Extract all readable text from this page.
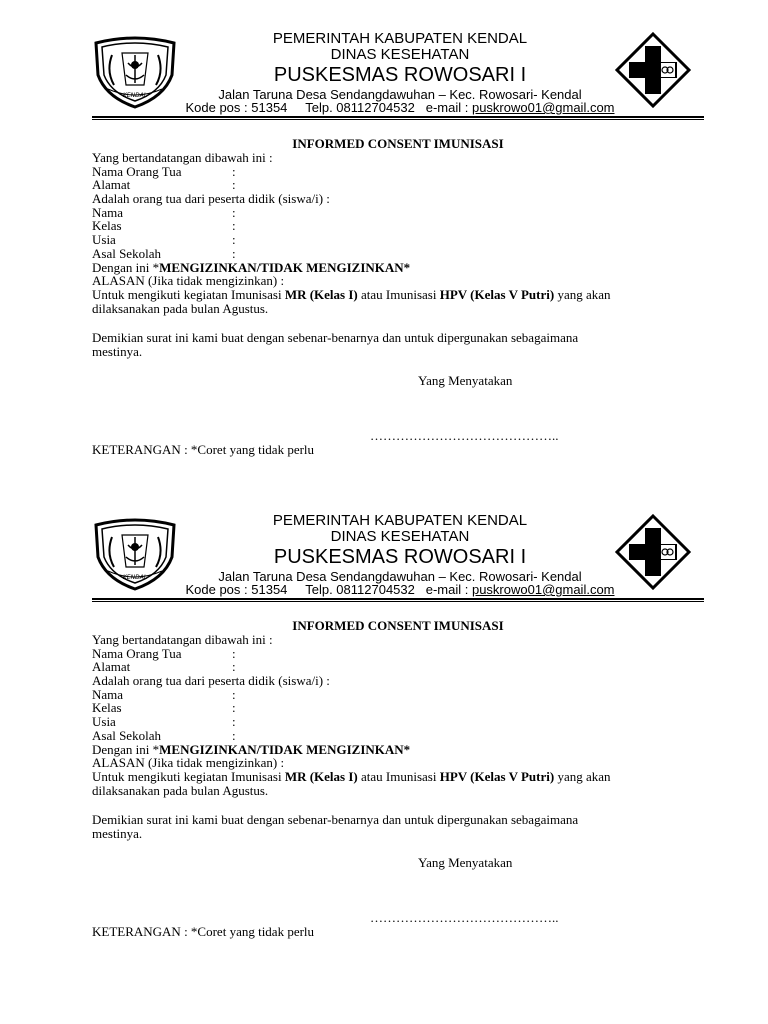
KENDAL
PEMERINTAH KABUPATEN KENDAL
DINAS KESEHATAN
PUSKESMAS ROWOSARI I
Jalan Taruna Desa Sendangdawuhan – Kec. Rowosari- Kendal
Kode pos : 51354 Telp. 08112704532 e-mail : puskrowo01@gmail.com
INFORMED CONSENT IMUNISASI
Yang bertandatangan dibawah ini :
Nama Orang Tua	:
Alamat	:
Adalah orang tua dari peserta didik (siswa/i) :
Nama	:
Kelas	:
Usia	:
Asal Sekolah	:
Dengan ini *MENGIZINKAN/TIDAK MENGIZINKAN*
ALASAN (Jika tidak mengizinkan) :
Untuk mengikuti kegiatan Imunisasi MR (Kelas I) atau Imunisasi HPV (Kelas V Putri) yang akan
dilaksanakan pada bulan Agustus.
Demikian surat ini kami buat dengan sebenar-benarnya dan untuk dipergunakan sebagaimana
mestinya.
Yang Menyatakan
……………………………………..
KETERANGAN : *Coret yang tidak perlu
KENDAL
PEMERINTAH KABUPATEN KENDAL
DINAS KESEHATAN
PUSKESMAS ROWOSARI I
Jalan Taruna Desa Sendangdawuhan – Kec. Rowosari- Kendal
Kode pos : 51354 Telp. 08112704532 e-mail : puskrowo01@gmail.com
INFORMED CONSENT IMUNISASI
Yang bertandatangan dibawah ini :
Nama Orang Tua	:
Alamat	:
Adalah orang tua dari peserta didik (siswa/i) :
Nama	:
Kelas	:
Usia	:
Asal Sekolah	:
Dengan ini *MENGIZINKAN/TIDAK MENGIZINKAN*
ALASAN (Jika tidak mengizinkan) :
Untuk mengikuti kegiatan Imunisasi MR (Kelas I) atau Imunisasi HPV (Kelas V Putri) yang akan
dilaksanakan pada bulan Agustus.
Demikian surat ini kami buat dengan sebenar-benarnya dan untuk dipergunakan sebagaimana
mestinya.
Yang Menyatakan
……………………………………..
KETERANGAN : *Coret yang tidak perlu
